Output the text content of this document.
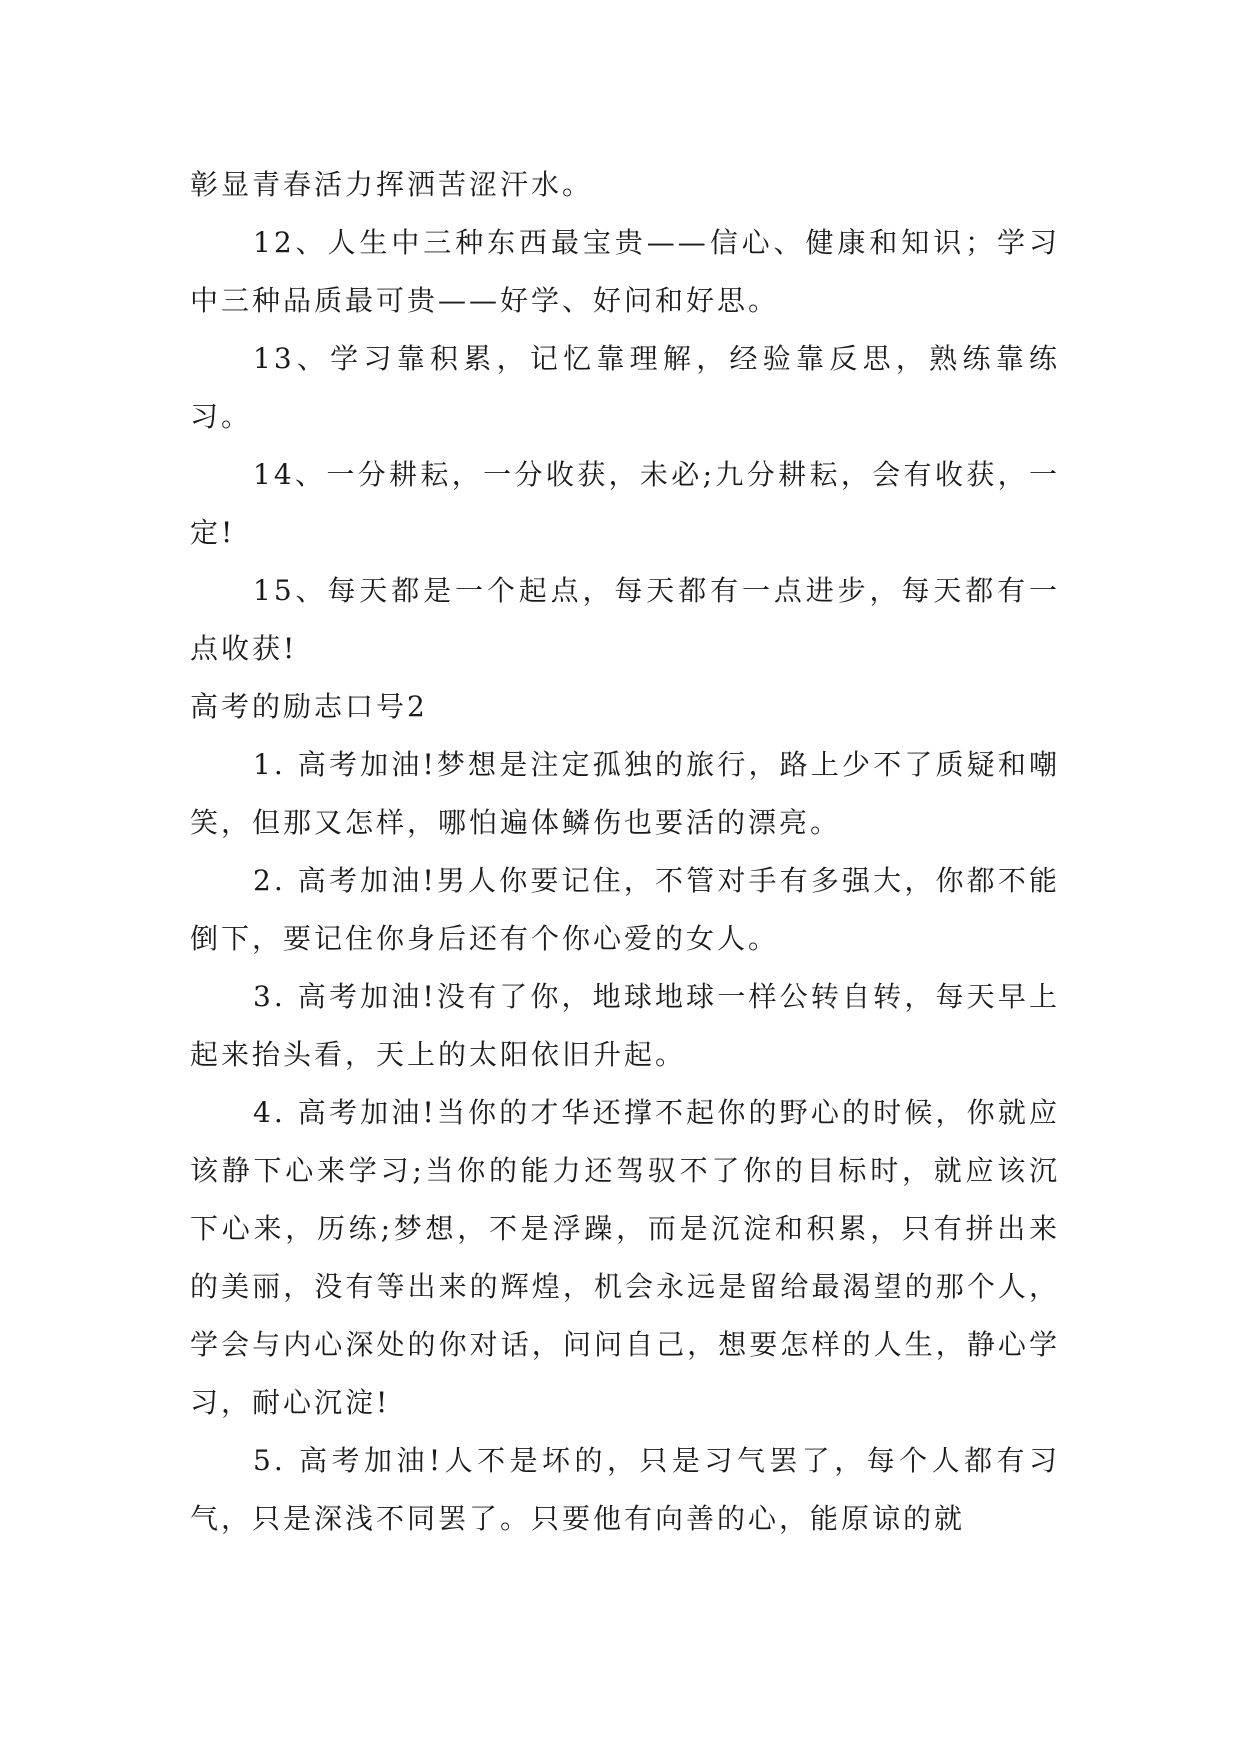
彰显青春活力挥洒苦涩汗水。

12、人生中三种东西最宝贵——信心、健康和知识；学习中三种品质最可贵——好学、好问和好思。

13、学习靠积累，记忆靠理解，经验靠反思，熟练靠练习。

14、一分耕耘，一分收获，未必;九分耕耘，会有收获，一定!

15、每天都是一个起点，每天都有一点进步，每天都有一点收获!

高考的励志口号2

1. 高考加油!梦想是注定孤独的旅行，路上少不了质疑和嘲笑，但那又怎样，哪怕遍体鳞伤也要活的漂亮。

2. 高考加油!男人你要记住，不管对手有多强大，你都不能倒下，要记住你身后还有个你心爱的女人。

3. 高考加油!没有了你，地球地球一样公转自转，每天早上起来抬头看，天上的太阳依旧升起。

4. 高考加油!当你的才华还撑不起你的野心的时候，你就应该静下心来学习;当你的能力还驾驭不了你的目标时，就应该沉下心来，历练;梦想，不是浮躁，而是沉淀和积累，只有拼出来的美丽，没有等出来的辉煌，机会永远是留给最渴望的那个人，学会与内心深处的你对话，问问自己，想要怎样的人生，静心学习，耐心沉淀!

5. 高考加油!人不是坏的，只是习气罢了，每个人都有习气，只是深浅不同罢了。只要他有向善的心，能原谅的就
